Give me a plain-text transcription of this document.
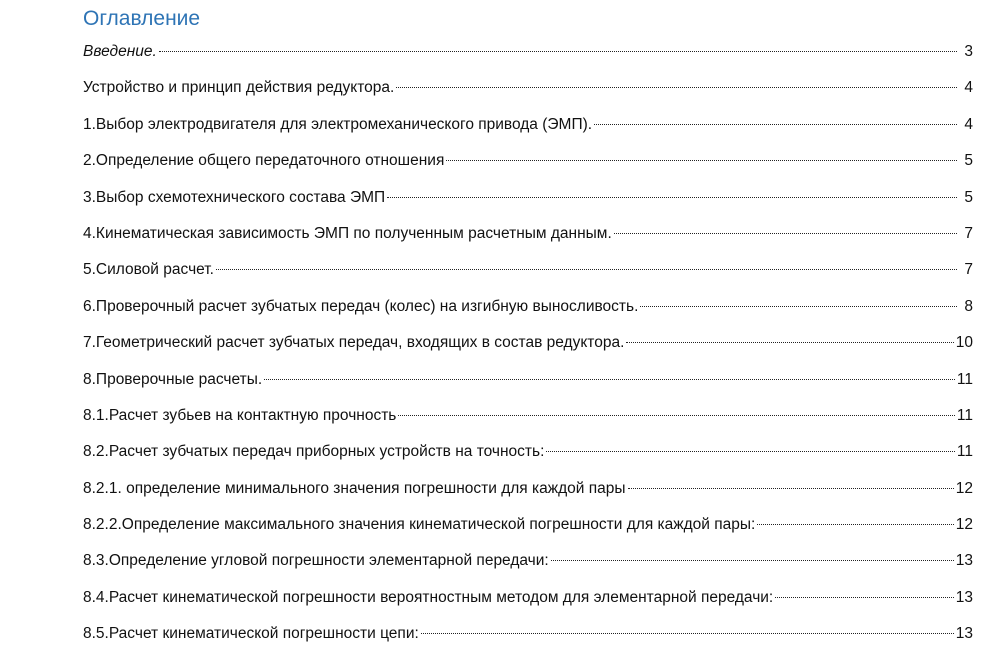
Оглавление
Введение.	3
Устройство и принцип действия редуктора.	4
1.Выбор электродвигателя для электромеханического привода (ЭМП).	4
2.Определение общего передаточного отношения	5
3.Выбор схемотехнического состава ЭМП	5
4.Кинематическая зависимость ЭМП по полученным расчетным данным.	7
5.Силовой расчет.	7
6.Проверочный расчет зубчатых передач (колес) на изгибную выносливость.	8
7.Геометрический расчет зубчатых передач, входящих в состав редуктора.	10
8.Проверочные расчеты.	11
8.1.Расчет зубьев на контактную прочность	11
8.2.Расчет зубчатых передач приборных устройств на точность:	11
8.2.1. определение минимального значения погрешности для каждой пары	12
8.2.2.Определение максимального значения кинематической погрешности для каждой пары:	12
8.3.Определение угловой погрешности элементарной передачи:	13
8.4.Расчет кинематической погрешности вероятностным методом для элементарной передачи:	13
8.5.Расчет кинематической погрешности цепи:	13
